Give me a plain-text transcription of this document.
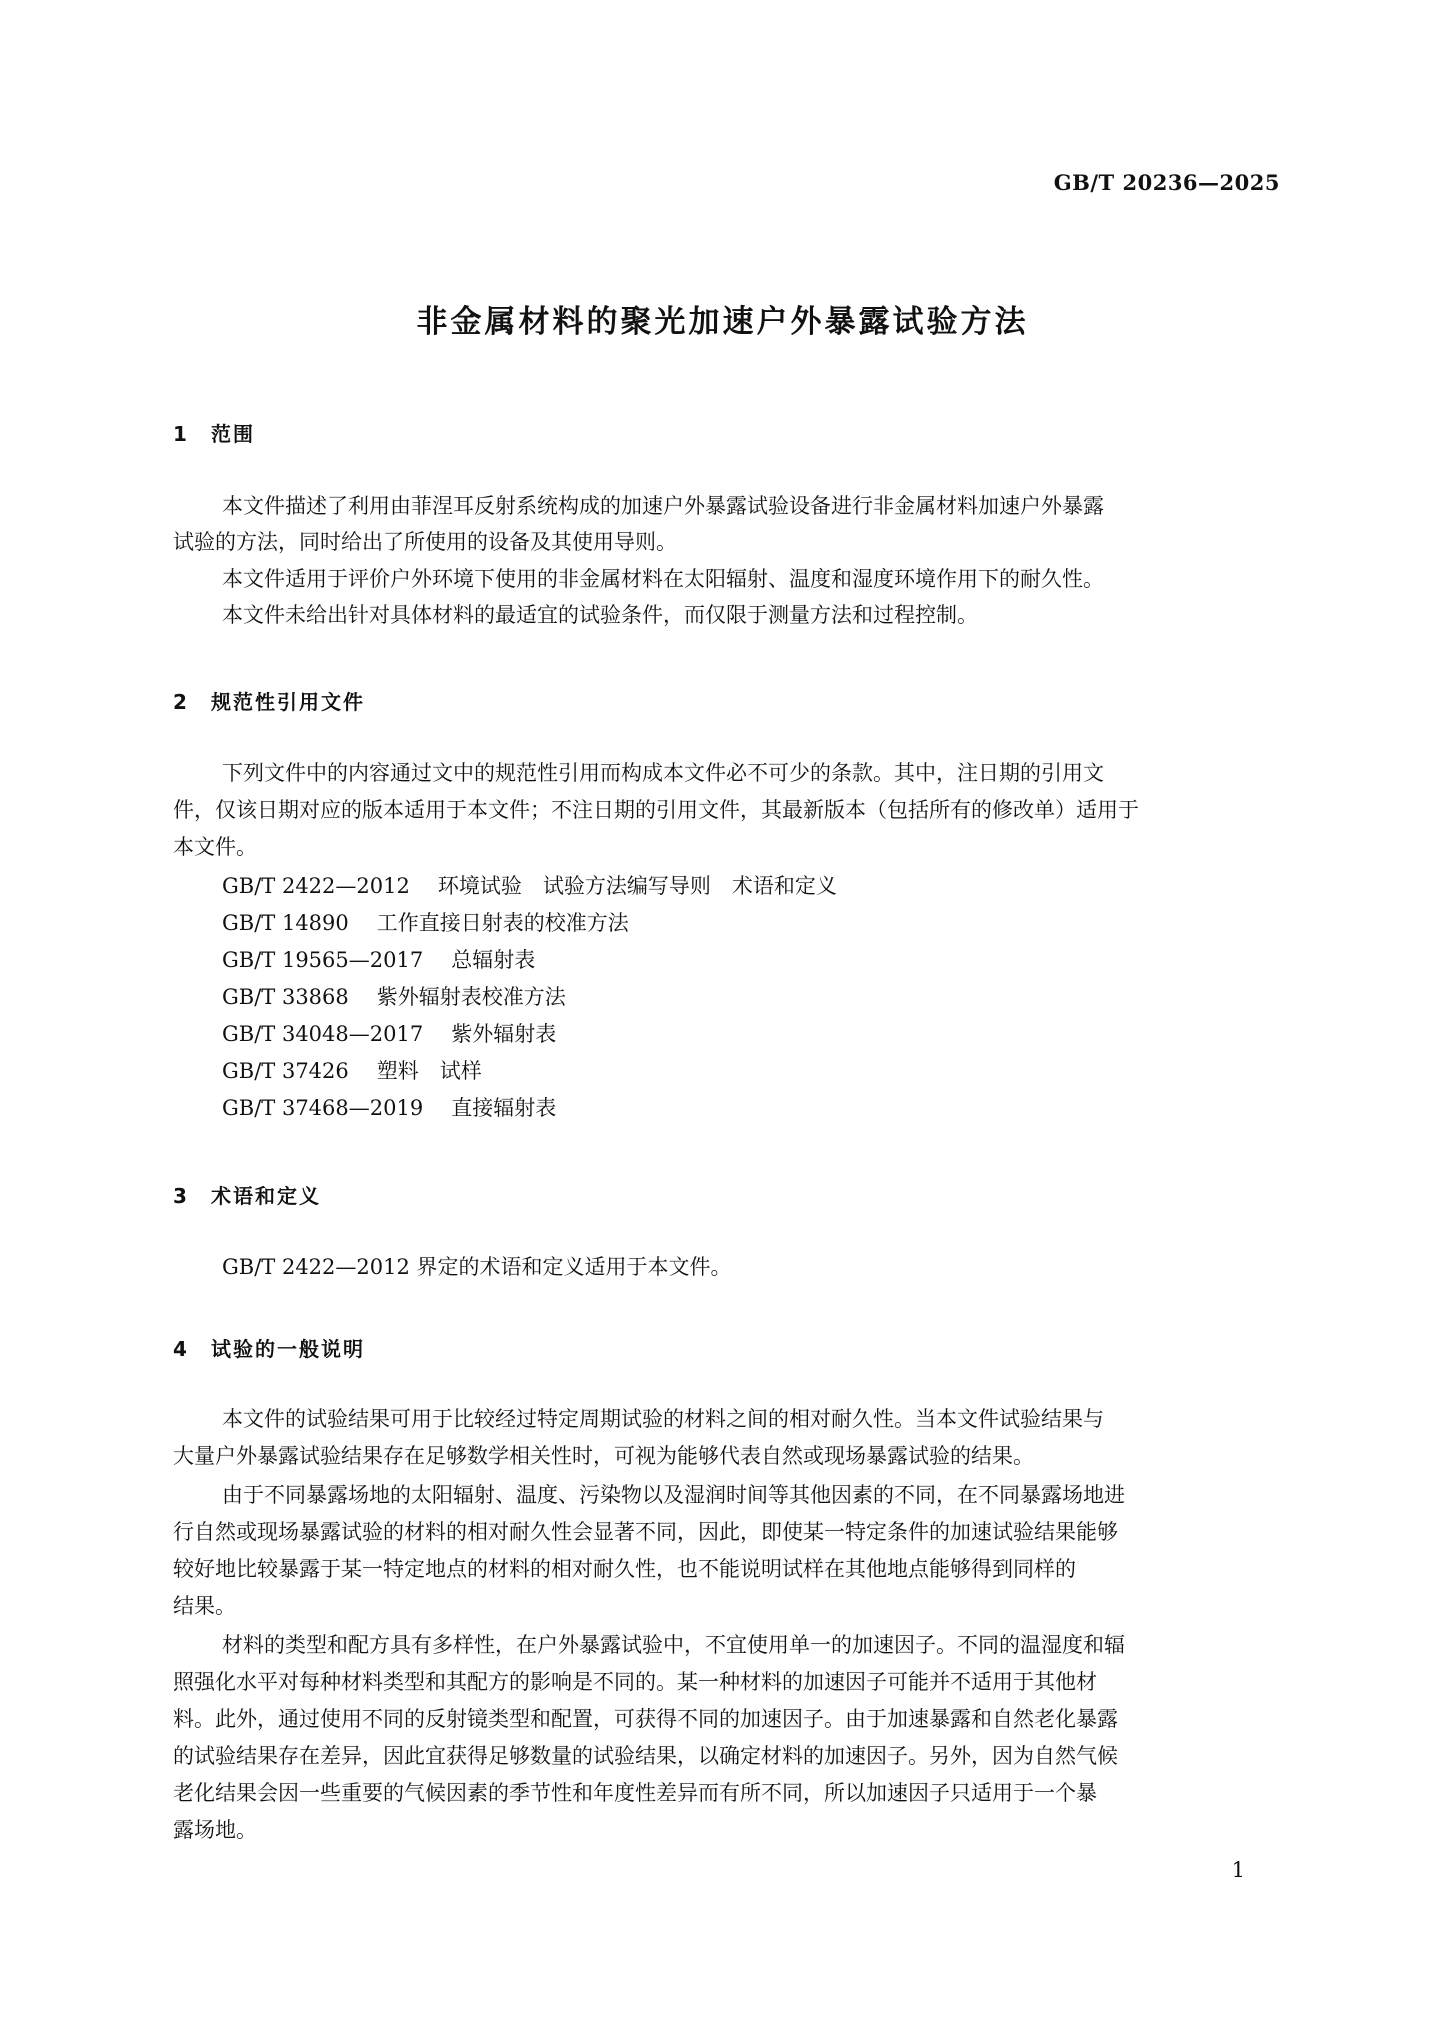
GB/T 20236—2025
非金属材料的聚光加速户外暴露试验方法
1 范围
本文件描述了利用由菲涅耳反射系统构成的加速户外暴露试验设备进行非金属材料加速户外暴露
试验的方法，同时给出了所使用的设备及其使用导则。
本文件适用于评价户外环境下使用的非金属材料在太阳辐射、温度和湿度环境作用下的耐久性。
本文件未给出针对具体材料的最适宜的试验条件，而仅限于测量方法和过程控制。
2 规范性引用文件
下列文件中的内容通过文中的规范性引用而构成本文件必不可少的条款。其中，注日期的引用文
件，仅该日期对应的版本适用于本文件；不注日期的引用文件，其最新版本（包括所有的修改单）适用于
本文件。
GB/T 2422—2012 环境试验　试验方法编写导则　术语和定义
GB/T 14890 工作直接日射表的校准方法
GB/T 19565—2017 总辐射表
GB/T 33868 紫外辐射表校准方法
GB/T 34048—2017 紫外辐射表
GB/T 37426 塑料　试样
GB/T 37468—2019 直接辐射表
3 术语和定义
GB/T 2422—2012 界定的术语和定义适用于本文件。
4 试验的一般说明
本文件的试验结果可用于比较经过特定周期试验的材料之间的相对耐久性。当本文件试验结果与
大量户外暴露试验结果存在足够数学相关性时，可视为能够代表自然或现场暴露试验的结果。
由于不同暴露场地的太阳辐射、温度、污染物以及湿润时间等其他因素的不同，在不同暴露场地进
行自然或现场暴露试验的材料的相对耐久性会显著不同，因此，即使某一特定条件的加速试验结果能够
较好地比较暴露于某一特定地点的材料的相对耐久性，也不能说明试样在其他地点能够得到同样的
结果。
材料的类型和配方具有多样性，在户外暴露试验中，不宜使用单一的加速因子。不同的温湿度和辐
照强化水平对每种材料类型和其配方的影响是不同的。某一种材料的加速因子可能并不适用于其他材
料。此外，通过使用不同的反射镜类型和配置，可获得不同的加速因子。由于加速暴露和自然老化暴露
的试验结果存在差异，因此宜获得足够数量的试验结果，以确定材料的加速因子。另外，因为自然气候
老化结果会因一些重要的气候因素的季节性和年度性差异而有所不同，所以加速因子只适用于一个暴
露场地。
1
